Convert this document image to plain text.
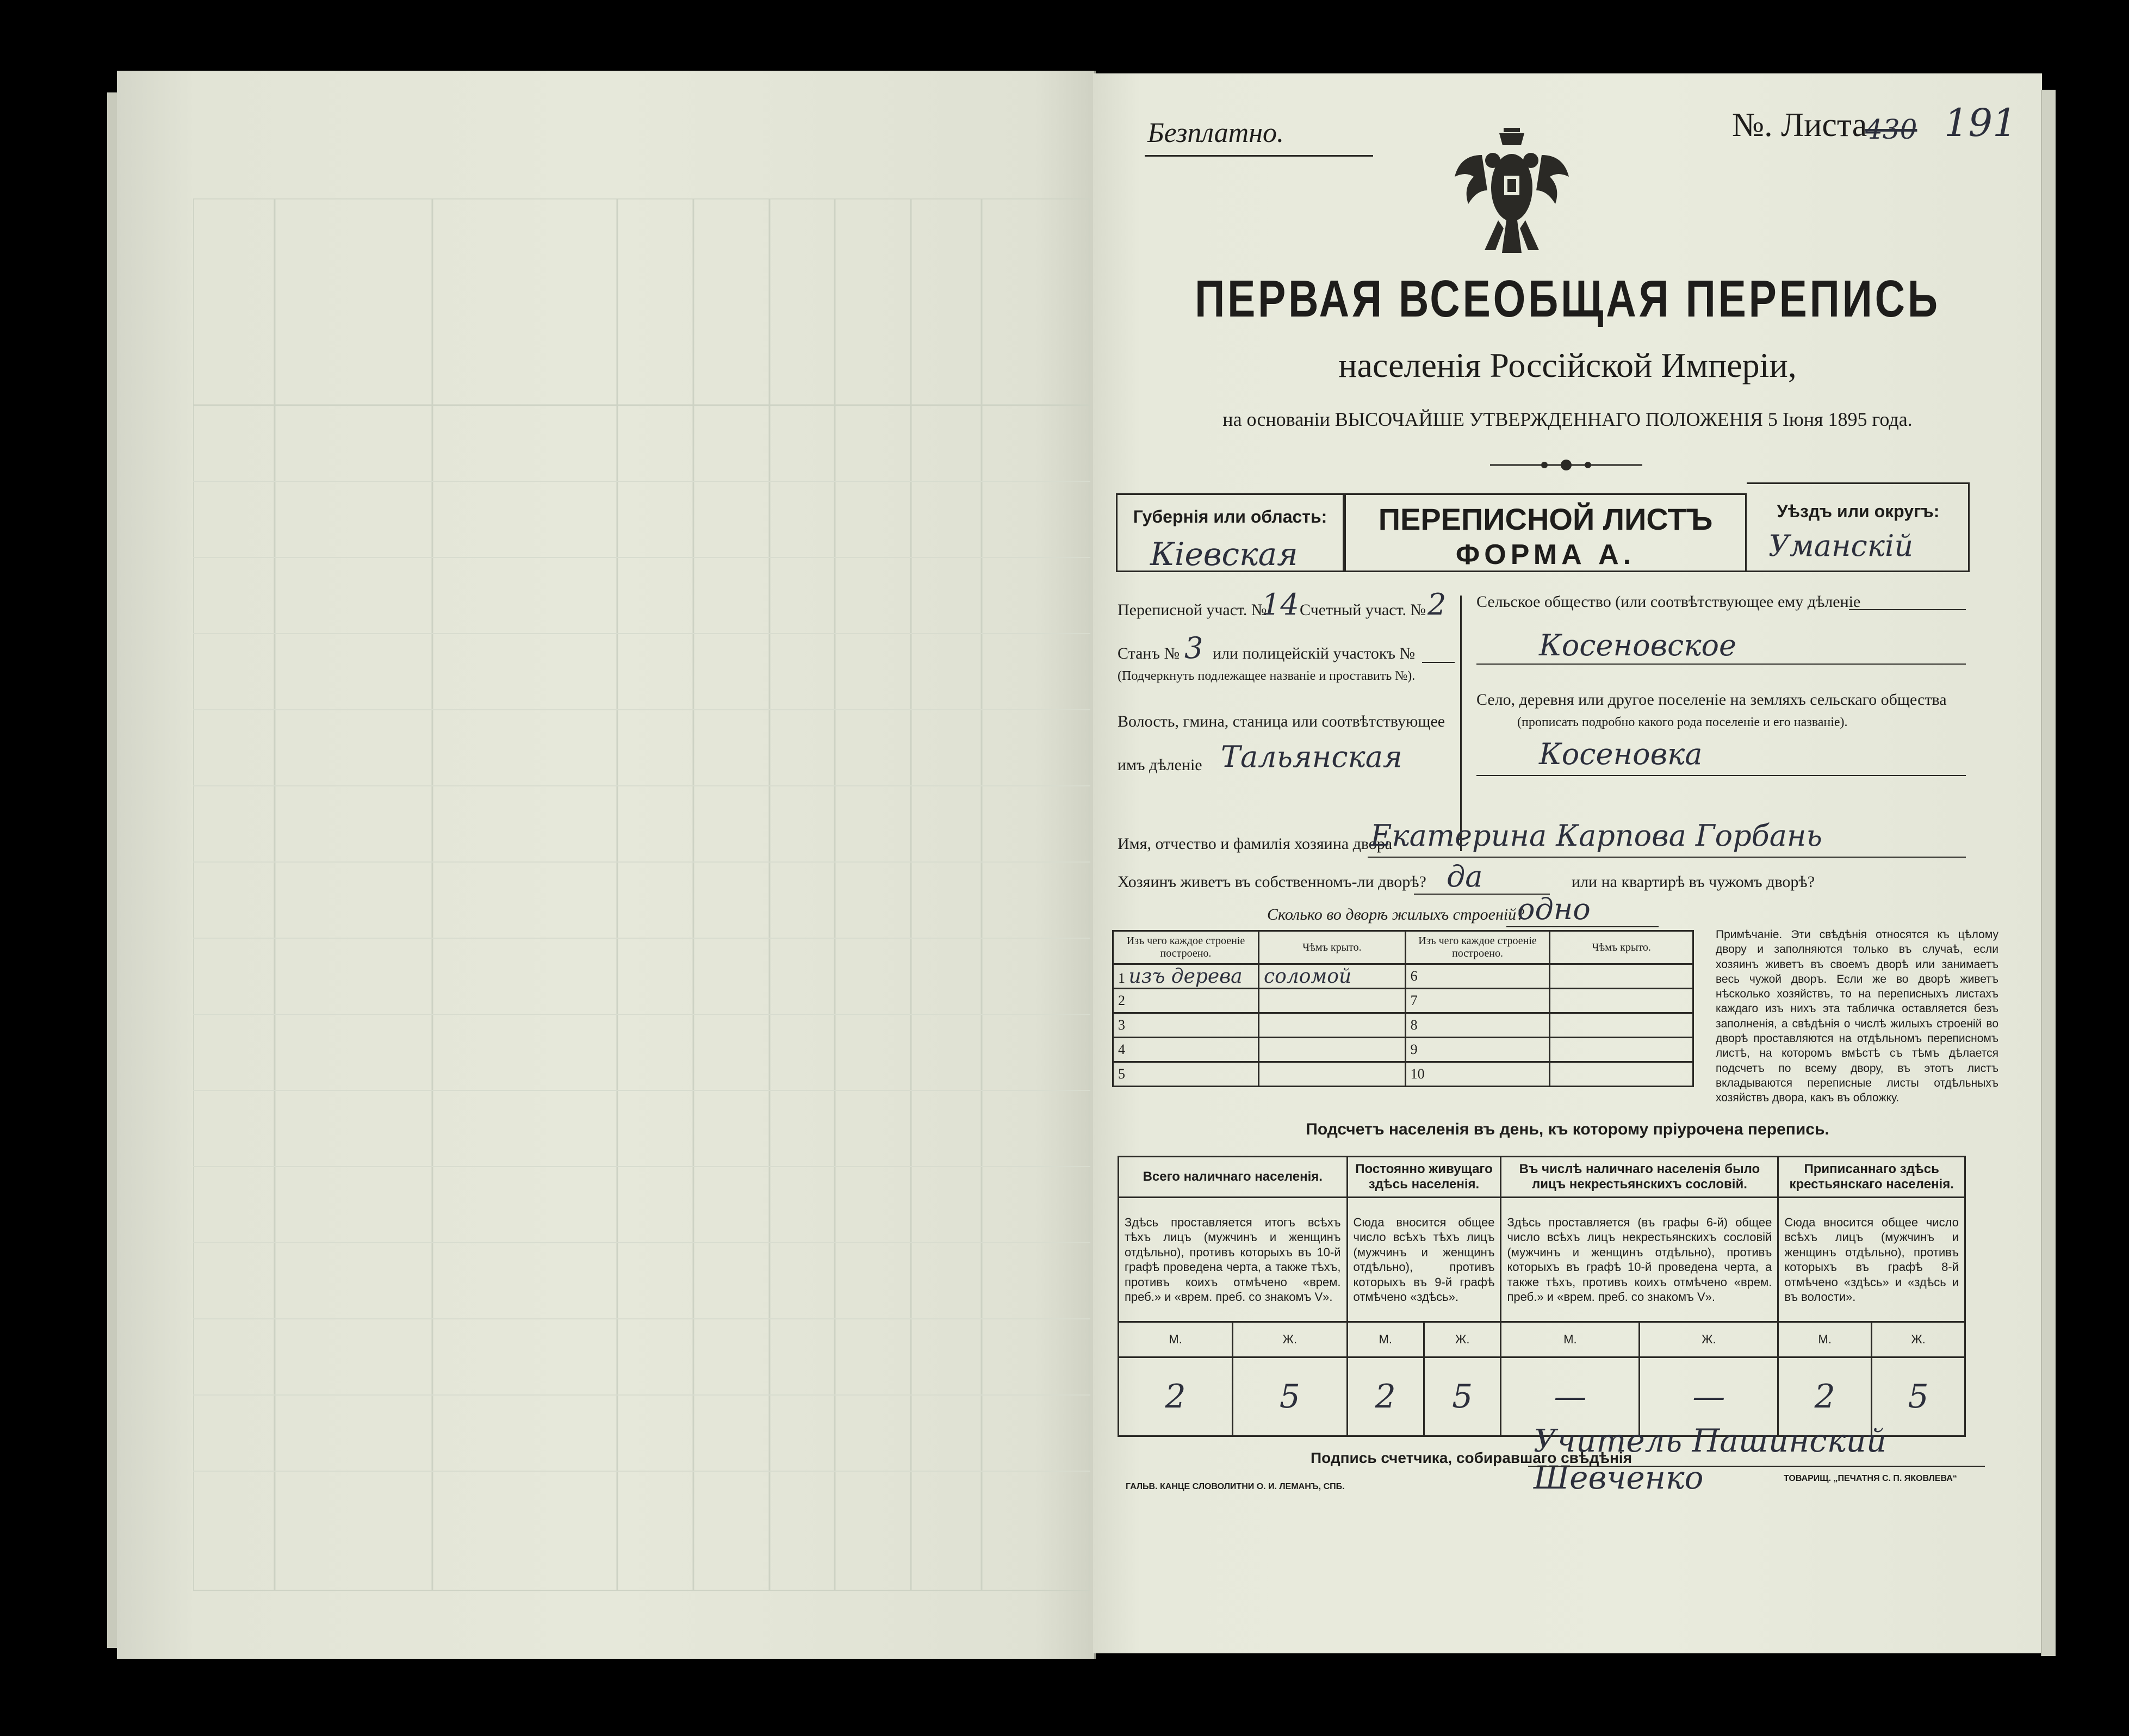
Безплатно.	№. Листа
430 191
ПЕРВАЯ ВСЕОБЩАЯ ПЕРЕПИСЬ
населенія Россійской Имперіи,
на основаніи ВЫСОЧАЙШЕ УТВЕРЖДЕННАГО ПОЛОЖЕНІЯ 5 Іюня 1895 года.
Губернія или область:
Кіевская
ПЕРЕПИСНОЙ ЛИСТЪ
ФОРМА А.
Уѣздъ или округъ:
Уманскій
Переписной участ. №
14 Счетный участ. № 2
Станъ № 3 или полицейскій участокъ №
(Подчеркнуть подлежащее названіе и проставить №).
Волость, гмина, станица или соотвѣтствующее
имъ дѣленіе Тальянская
Сельское общество (или соотвѣтствующее ему дѣленіе
Косеновское
Село, деревня или другое поселеніе на земляхъ сельскаго общества
(прописать подробно какого рода поселеніе и его названіе).
Косеновка
Имя, отчество и фамилія хозяина двора
Екатерина Карпова Горбань
Хозяинъ живетъ въ собственномъ-ли дворѣ? да	или на квартирѣ въ чужомъ дворѣ?
Сколько во дворѣ жилыхъ строеній?
одно
Изъ чего каждое строеніе построено.	Чѣмъ крыто.	Изъ чего каждое строеніе построено.	Чѣмъ крыто.
1 изъ дерева	соломой	6	
2		7	
3		8	
4		9	
5		10	
Примѣчаніе. Эти свѣдѣнія относятся къ цѣлому двору и заполняются только въ случаѣ, если хозяинъ живетъ въ своемъ дворѣ или занимаетъ весь чужой дворъ. Если же во дворѣ живетъ нѣсколько хозяйствъ, то на переписныхъ листахъ каждаго изъ нихъ эта табличка оставляется безъ заполненія, а свѣдѣнія о числѣ жилыхъ строеній во дворѣ проставляются на отдѣльномъ переписномъ листѣ, на которомъ вмѣстѣ съ тѣмъ дѣлается подсчетъ по всему двору, въ этотъ листъ вкладываются переписные листы отдѣльныхъ хозяйствъ двора, какъ въ обложку.
Подсчетъ населенія въ день, къ которому пріурочена перепись.
Всего наличнаго населенія.		Постоянно живущаго здѣсь населенія.		Въ числѣ наличнаго населенія было лицъ некрестьянскихъ сословій.		Приписаннаго здѣсь крестьянскаго населенія.	
Здѣсь проставляется итогъ всѣхъ тѣхъ лицъ (мужчинъ и женщинъ отдѣльно), противъ которыхъ въ 10-й графѣ проведена черта, а также тѣхъ, противъ коихъ отмѣчено «врем. преб.» и «врем. преб. со знакомъ V».		Сюда вносится общее число всѣхъ тѣхъ лицъ (мужчинъ и женщинъ отдѣльно), противъ которыхъ въ 9-й графѣ отмѣчено «здѣсь».		Здѣсь проставляется (въ графы 6-й) общее число всѣхъ лицъ некрестьянскихъ сословій (мужчинъ и женщинъ отдѣльно), противъ которыхъ въ графѣ 10-й проведена черта, а также тѣхъ, противъ коихъ отмѣчено «врем. преб.» и «врем. преб. со знакомъ V».		Сюда вносится общее число всѣхъ лицъ (мужчинъ и женщинъ отдѣльно), противъ которыхъ въ графѣ 8-й отмѣчено «здѣсь» и «здѣсь и въ волости».	
М.	Ж.	М.	Ж.	М.	Ж.	М.	Ж.
2	5	2	5	—	—	2	5
Подпись счетчика, собиравшаго свѣдѣнія
Учитель Пашинский Шевченко
ГАЛЬВ. КАНЦЕ СЛОВОЛИТНИ О. И. ЛЕМАНЪ, СПБ.
ТОВАРИЩ. „ПЕЧАТНЯ С. П. ЯКОВЛЕВА“
